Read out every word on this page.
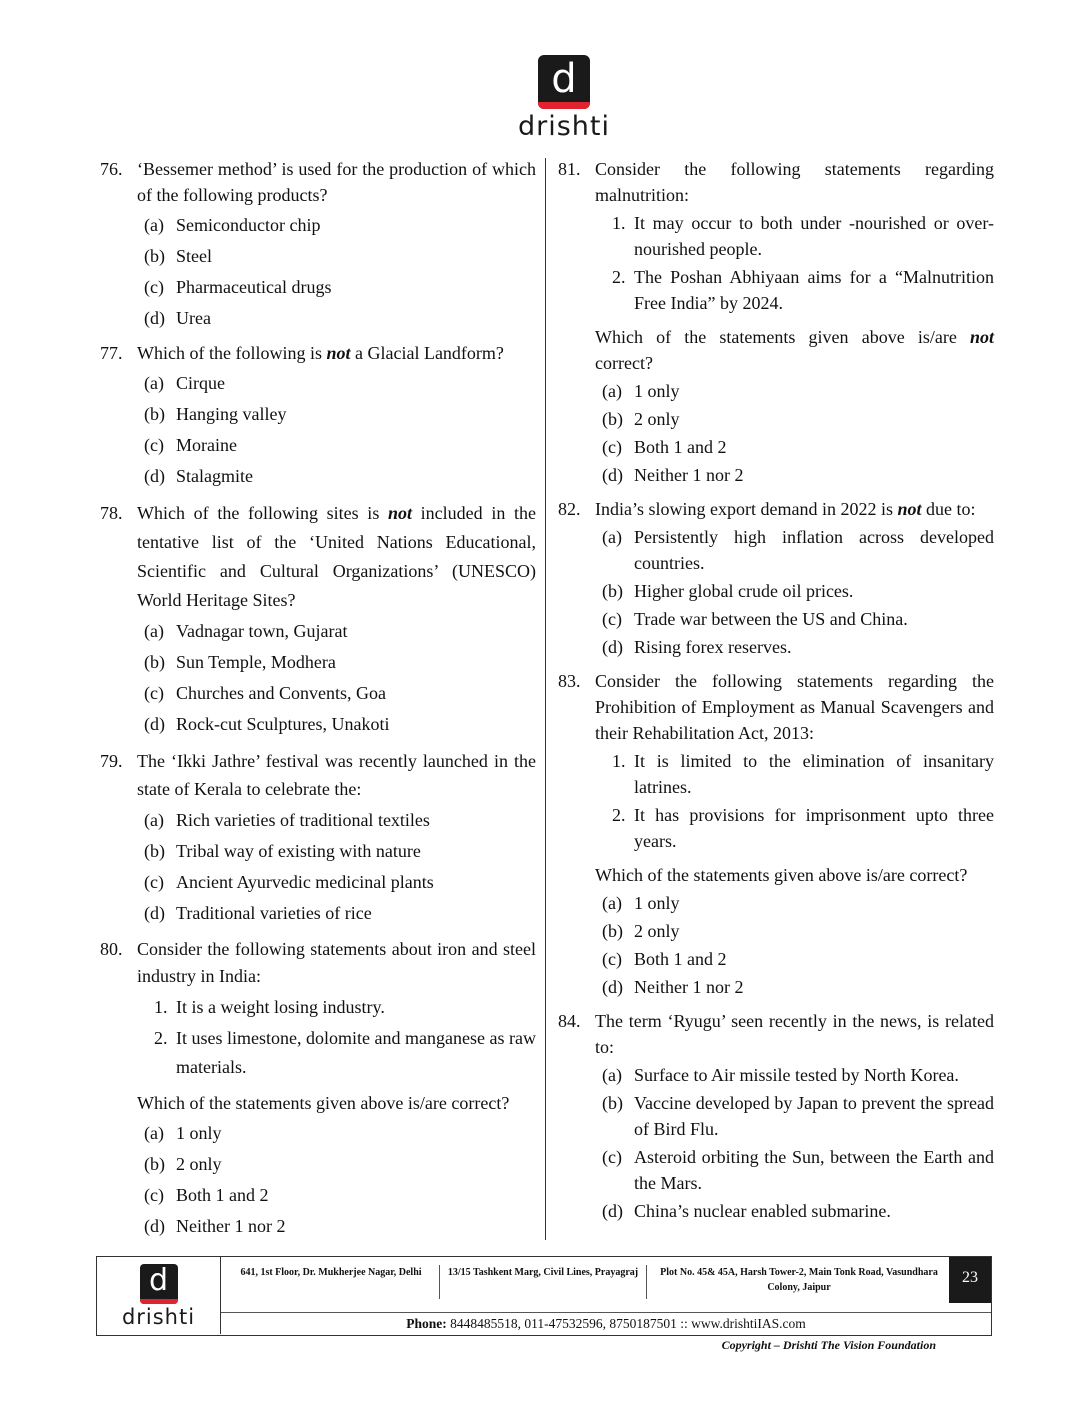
d
drishti
76. ‘Bessemer method’ is used for the production of which of the following products?
(a) Semiconductor chip
(b) Steel
(c) Pharmaceutical drugs
(d) Urea
77. Which of the following is not a Glacial Landform?
(a) Cirque
(b) Hanging valley
(c) Moraine
(d) Stalagmite
78. Which of the following sites is not included in the tentative list of the ‘United Nations Educational, Scientific and Cultural Organizations’ (UNESCO) World Heritage Sites?
(a) Vadnagar town, Gujarat
(b) Sun Temple, Modhera
(c) Churches and Convents, Goa
(d) Rock-cut Sculptures, Unakoti
79. The ‘Ikki Jathre’ festival was recently launched in the state of Kerala to celebrate the:
(a) Rich varieties of traditional textiles
(b) Tribal way of existing with nature
(c) Ancient Ayurvedic medicinal plants
(d) Traditional varieties of rice
80. Consider the following statements about iron and steel industry in India:
1. It is a weight losing industry.
2. It uses limestone, dolomite and manganese as raw materials.
Which of the statements given above is/are correct?
(a) 1 only
(b) 2 only
(c) Both 1 and 2
(d) Neither 1 nor 2
81. Consider the following statements regarding malnutrition:
1. It may occur to both under -nourished or over-nourished people.
2. The Poshan Abhiyaan aims for a “Malnutrition Free India” by 2024.
Which of the statements given above is/are not correct?
(a) 1 only
(b) 2 only
(c) Both 1 and 2
(d) Neither 1 nor 2
82. India’s slowing export demand in 2022 is not due to:
(a) Persistently high inflation across developed countries.
(b) Higher global crude oil prices.
(c) Trade war between the US and China.
(d) Rising forex reserves.
83. Consider the following statements regarding the Prohibition of Employment as Manual Scavengers and their Rehabilitation Act, 2013:
1. It is limited to the elimination of insanitary latrines.
2. It has provisions for imprisonment upto three years.
Which of the statements given above is/are correct?
(a) 1 only
(b) 2 only
(c) Both 1 and 2
(d) Neither 1 nor 2
84. The term ‘Ryugu’ seen recently in the news, is related to:
(a) Surface to Air missile tested by North Korea.
(b) Vaccine developed by Japan to prevent the spread of Bird Flu.
(c) Asteroid orbiting the Sun, between the Earth and the Mars.
(d) China’s nuclear enabled submarine.
d
drishti
641, 1st Floor, Dr. Mukherjee Nagar, Delhi	13/15 Tashkent Marg, Civil Lines, Prayagraj	Plot No. 45& 45A, Harsh Tower-2, Main Tonk Road, Vasundhara Colony, Jaipur
23
Phone: 8448485518, 011-47532596, 8750187501 :: www.drishtiIAS.com
Copyright – Drishti The Vision Foundation
